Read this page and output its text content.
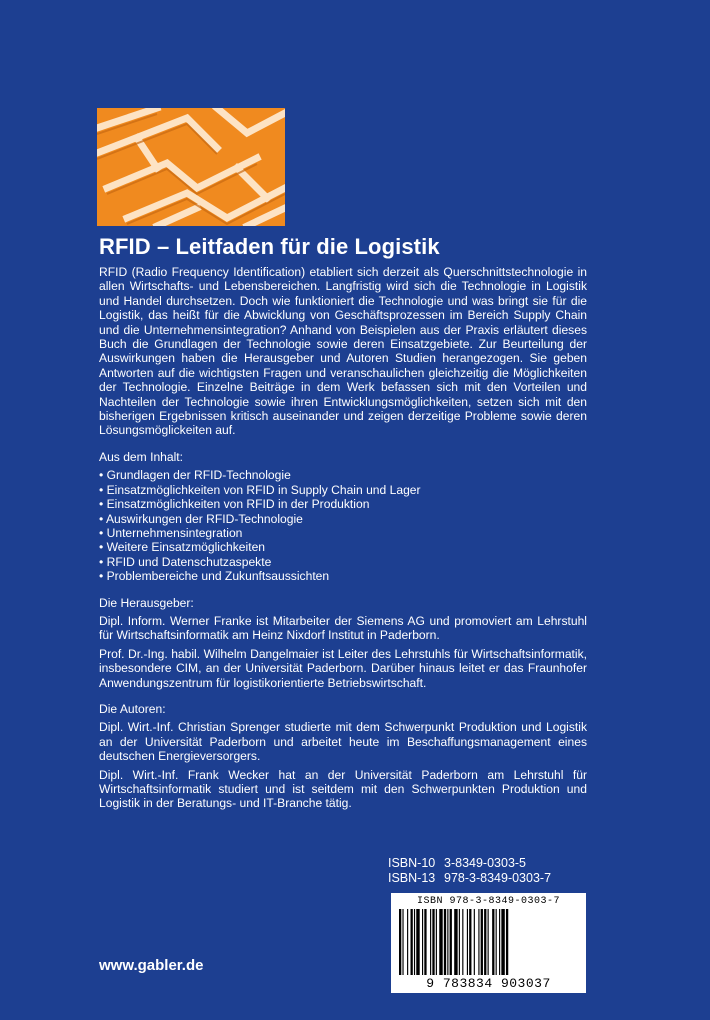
RFID – Leitfaden für die Logistik

RFID (Radio Frequency Identification) etabliert sich derzeit als Querschnittstechnologie in allen Wirtschafts- und Lebensbereichen. Langfristig wird sich die Technologie in Logistik und Handel durchsetzen. Doch wie funktioniert die Technologie und was bringt sie für die Logistik, das heißt für die Abwicklung von Geschäftsprozessen im Bereich Supply Chain und die Unternehmensintegration? Anhand von Beispielen aus der Praxis erläutert dieses Buch die Grundlagen der Technologie sowie deren Einsatzgebiete. Zur Beurteilung der Auswirkungen haben die Herausgeber und Autoren Studien herangezogen. Sie geben Antworten auf die wichtigsten Fragen und veranschaulichen gleichzeitig die Möglichkeiten der Technologie. Einzelne Beiträge in dem Werk befassen sich mit den Vorteilen und Nachteilen der Technologie sowie ihren Entwicklungsmöglichkeiten, setzen sich mit den bisherigen Ergebnissen kritisch auseinander und zeigen derzeitige Probleme sowie deren Lösungsmöglickeiten auf.

Aus dem Inhalt:

• Grundlagen der RFID-Technologie
• Einsatzmöglichkeiten von RFID in Supply Chain und Lager
• Einsatzmöglichkeiten von RFID in der Produktion
• Auswirkungen der RFID-Technologie
• Unternehmensintegration
• Weitere Einsatzmöglichkeiten
• RFID und Datenschutzaspekte
• Problembereiche und Zukunftsaussichten

Die Herausgeber:

Dipl. Inform. Werner Franke ist Mitarbeiter der Siemens AG und promoviert am Lehrstuhl für Wirtschaftsinformatik am Heinz Nixdorf Institut in Paderborn.

Prof. Dr.-Ing. habil. Wilhelm Dangelmaier ist Leiter des Lehrstuhls für Wirtschaftsinformatik, insbesondere CIM, an der Universität Paderborn. Darüber hinaus leitet er das Fraunhofer Anwendungszentrum für logistikorientierte Betriebswirtschaft.

Die Autoren:

Dipl. Wirt.-Inf. Christian Sprenger studierte mit dem Schwerpunkt Produktion und Logistik an der Universität Paderborn und arbeitet heute im Beschaffungsmanagement eines deutschen Energieversorgers.

Dipl. Wirt.-Inf. Frank Wecker hat an der Universität Paderborn am Lehrstuhl für Wirtschaftsinformatik studiert und ist seitdem mit den Schwerpunkten Produktion und Logistik in der Beratungs- und IT-Branche tätig.

ISBN-10 3-8349-0303-5
ISBN-13 978-3-8349-0303-7
ISBN 978-3-8349-0303-7
9 783834 903037
www.gabler.de
